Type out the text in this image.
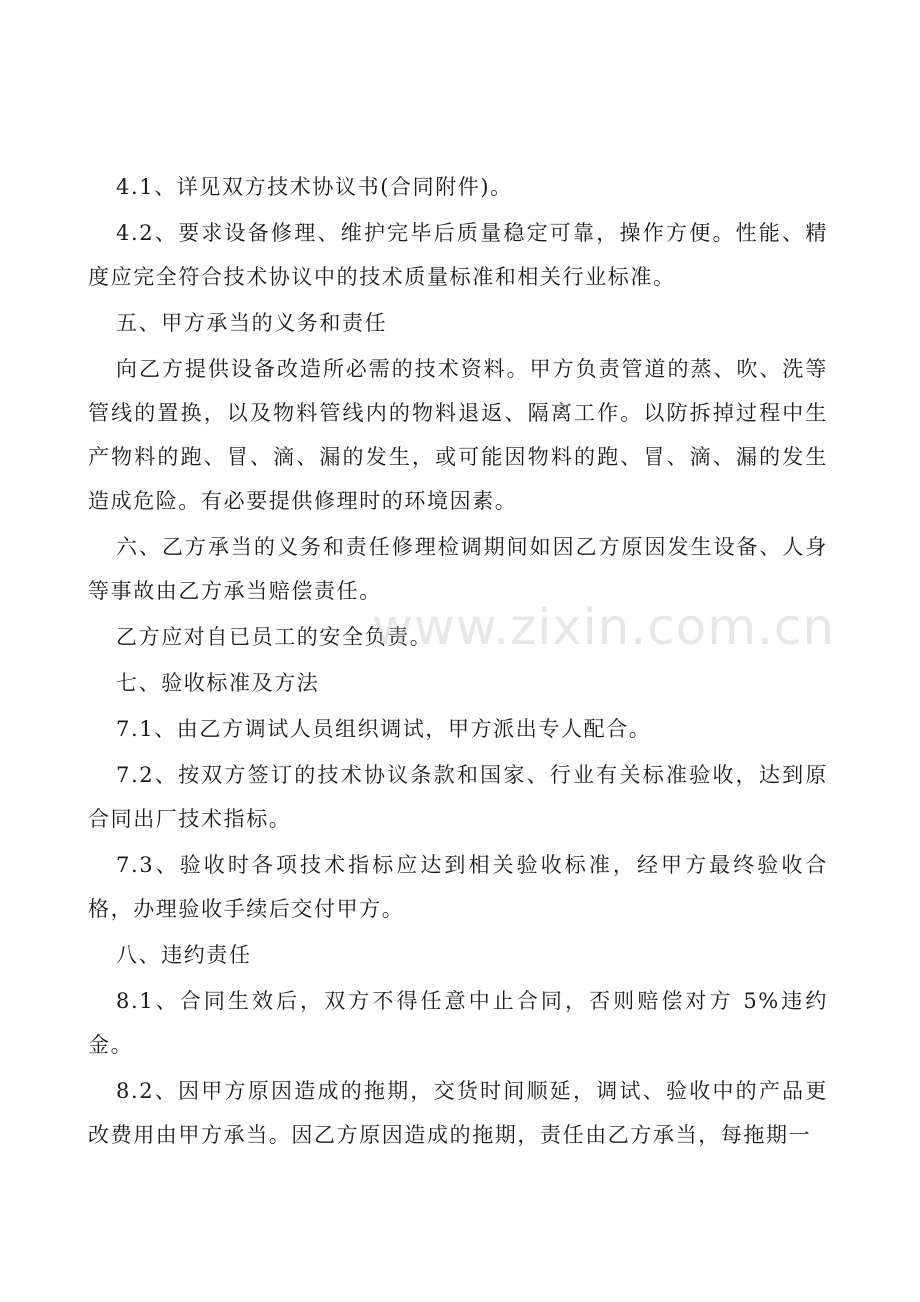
4.1、详见双方技术协议书(合同附件)。

4.2、要求设备修理、维护完毕后质量稳定可靠，操作方便。性能、精度应完全符合技术协议中的技术质量标准和相关行业标准。

五、甲方承当的义务和责任

向乙方提供设备改造所必需的技术资料。甲方负责管道的蒸、吹、洗等管线的置换，以及物料管线内的物料退返、隔离工作。以防拆掉过程中生产物料的跑、冒、滴、漏的发生，或可能因物料的跑、冒、滴、漏的发生造成危险。有必要提供修理时的环境因素。

六、乙方承当的义务和责任修理检调期间如因乙方原因发生设备、人身等事故由乙方承当赔偿责任。

乙方应对自已员工的安全负责。

七、验收标准及方法

7.1、由乙方调试人员组织调试，甲方派出专人配合。

7.2、按双方签订的技术协议条款和国家、行业有关标准验收，达到原合同出厂技术指标。

7.3、验收时各项技术指标应达到相关验收标准，经甲方最终验收合格，办理验收手续后交付甲方。

八、违约责任

8.1、合同生效后，双方不得任意中止合同，否则赔偿对方 5%违约金。

8.2、因甲方原因造成的拖期，交货时间顺延，调试、验收中的产品更改费用由甲方承当。因乙方原因造成的拖期，责任由乙方承当，每拖期一

www.zixin.com.cn
